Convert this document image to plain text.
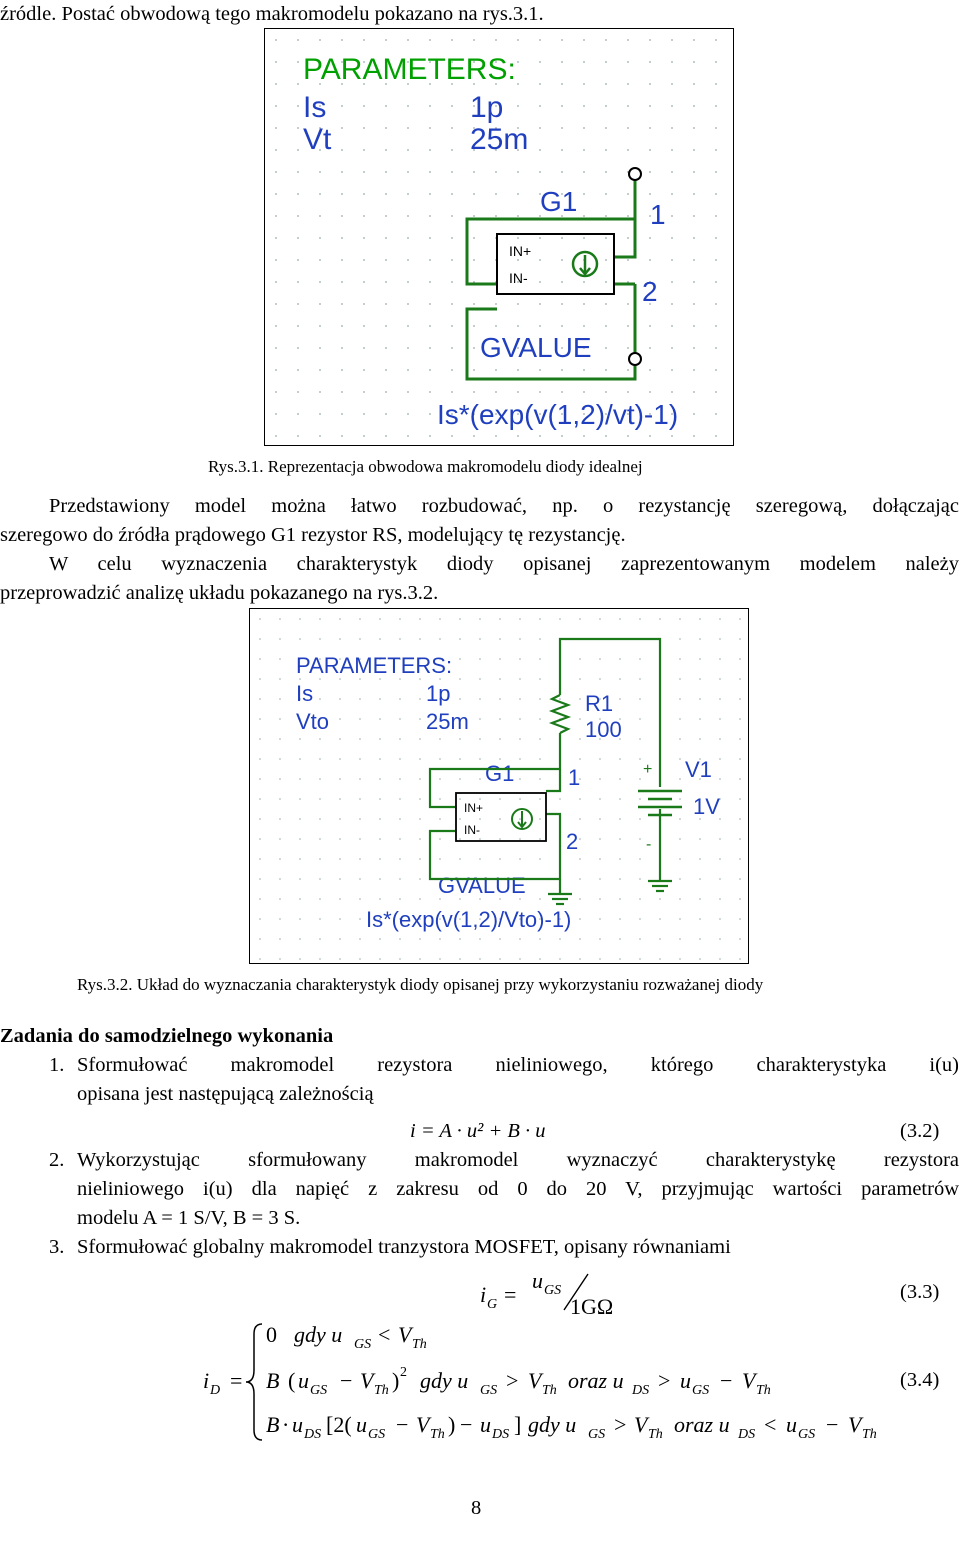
źródle. Postać obwodową tego makromodelu pokazano na rys.3.1.
PARAMETERS:
Is	1p
Vt	25m
G1
IN+
IN-
1
2
GVALUE
Is*(exp(v(1,2)/vt)-1)
Rys.3.1. Reprezentacja obwodowa makromodelu diody idealnej
Przedstawiony model można łatwo rozbudować, np. o rezystancję szeregową, dołączając
szeregowo do źródła prądowego G1 rezystor RS, modelujący tę rezystancję.
W celu wyznaczenia charakterystyk diody opisanej zaprezentowanym modelem należy
przeprowadzić analizę układu pokazanego na rys.3.2.
PARAMETERS:
Is	1p
Vto	25m
R1
100
G1 1
2
GVALUE
Is*(exp(v(1,2)/Vto)-1)
V1
1V
+
-
IN+
IN-
Rys.3.2. Układ do wyznaczania charakterystyk diody opisanej przy wykorzystaniu rozważanej diody
Zadania do samodzielnego wykonania
1. Sformułować makromodel rezystora nieliniowego, którego charakterystyka i(u)
opisana jest następującą zależnością
i = A · u² + B · u	(3.2)
2. Wykorzystując sformułowany makromodel wyznaczyć charakterystykę rezystora
nieliniowego i(u) dla napięć z zakresu od 0 do 20 V, przyjmując wartości parametrów
modelu A = 1 S/V, B = 3 S.
3. Sformułować globalny makromodel tranzystora MOSFET, opisany równaniami
i G =
u GS
1GΩ
(3.3)
i D =
0 gdy u GS < V Th
B ( u GS − V Th ) 2 gdy u GS > V Th oraz u DS > u GS − V Th
B · u DS [2( u GS − V Th ) − u DS ] gdy u GS > V Th oraz u DS < u GS − V Th
(3.4)
8
